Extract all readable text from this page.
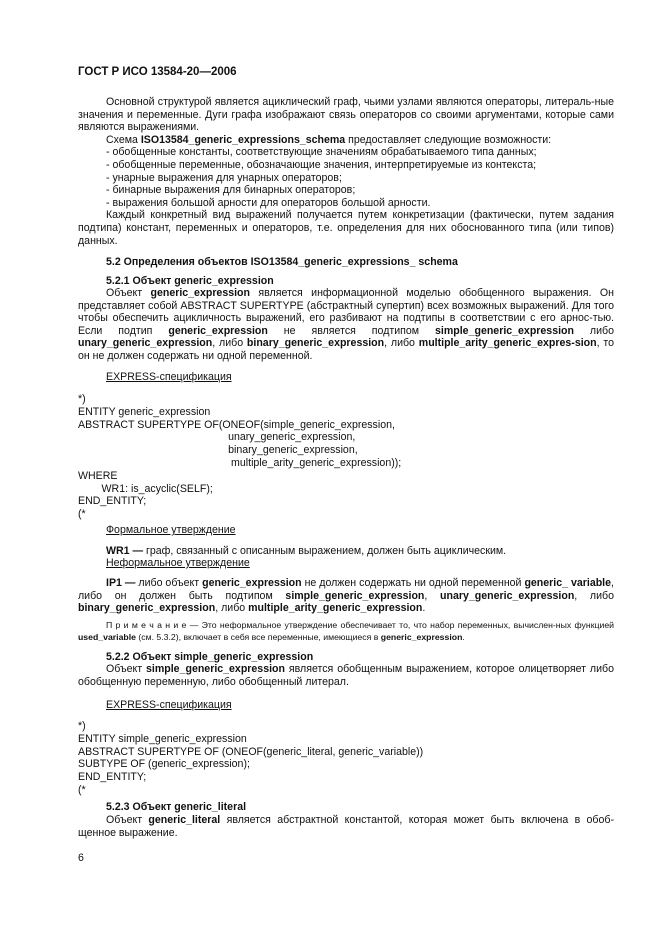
ГОСТ Р ИСО 13584-20—2006

Основной структурой является ациклический граф, чьими узлами являются операторы, литераль-ные значения и переменные. Дуги графа изображают связь операторов со своими аргументами, которые сами являются выражениями.

Схема ISO13584_generic_expressions_schema предоставляет следующие возможности:

- обобщенные константы, соответствующие значениям обрабатываемого типа данных;

- обобщенные переменные, обозначающие значения, интерпретируемые из контекста;

- унарные выражения для унарных операторов;

- бинарные выражения для бинарных операторов;

- выражения большой арности для операторов большой арности.

Каждый конкретный вид выражений получается путем конкретизации (фактически, путем задания подтипа) констант, переменных и операторов, т.е. определения для них обоснованного типа (или типов) данных.

5.2 Определения объектов ISO13584_generic_expressions_ schema
5.2.1 Объект generic_expression
Объект generic_expression является информационной моделью обобщенного выражения. Он представляет собой ABSTRACT SUPERTYPE (абстрактный супертип) всех возможных выражений. Для того чтобы обеспечить ацикличность выражений, его разбивают на подтипы в соответствии с его арнос-тью. Если подтип generic_expression не является подтипом simple_generic_expression либо unary_generic_expression, либо binary_generic_expression, либо multiple_arity_generic_expres-sion, то он не должен содержать ни одной переменной.
EXPRESS-спецификация
*)
ENTITY generic_expression
ABSTRACT SUPERTYPE OF(ONEOF(simple_generic_expression,
unary_generic_expression,
binary_generic_expression,
multiple_arity_generic_expression));
WHERE
WR1: is_acyclic(SELF);
END_ENTITY;
(*
Формальное утверждение
WR1 — граф, связанный с описанным выражением, должен быть ациклическим.
Неформальное утверждение
IP1 — либо объект generic_expression не должен содержать ни одной переменной generic_ variable, либо он должен быть подтипом simple_generic_expression, unary_generic_expression, либо binary_generic_expression, либо multiple_arity_generic_expression.
П р и м е ч а н и е — Это неформальное утверждение обеспечивает то, что набор переменных, вычислен-ных функцией used_variable (см. 5.3.2), включает в себя все переменные, имеющиеся в generic_expression.
5.2.2 Объект simple_generic_expression
Объект simple_generic_expression является обобщенным выражением, которое олицетворяет либо обобщенную переменную, либо обобщенный литерал.
EXPRESS-спецификация
*)
ENTITY simple_generic_expression
ABSTRACT SUPERTYPE OF (ONEOF(generic_literal, generic_variable))
SUBTYPE OF (generic_expression);
END_ENTITY;
(*
5.2.3 Объект generic_literal
Объект generic_literal является абстрактной константой, которая может быть включена в обоб-щенное выражение.
6
